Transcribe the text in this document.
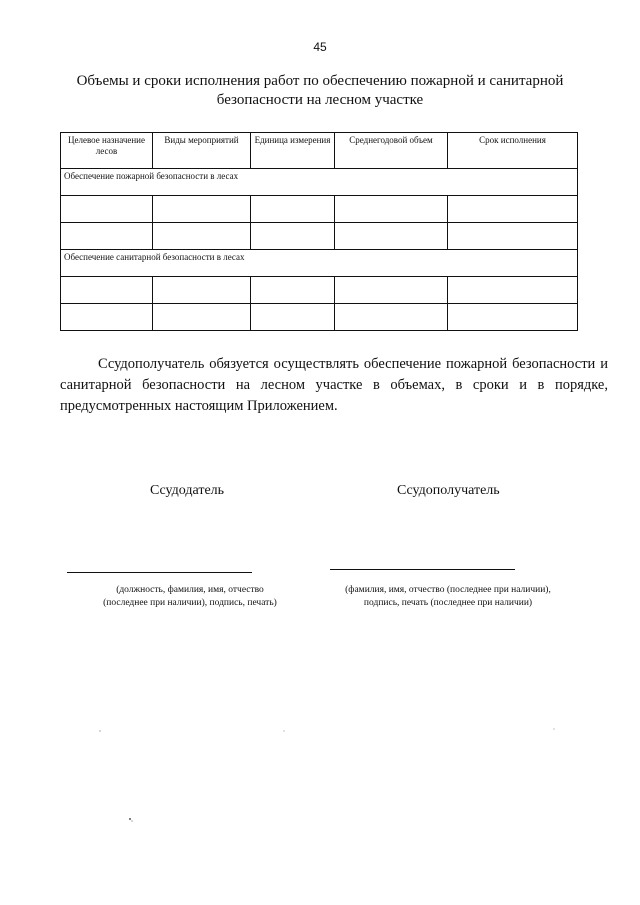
45
Объемы и сроки исполнения работ по обеспечению пожарной и санитарной
безопасности на лесном участке
Целевое назначение лесов	Виды мероприятий	Единица измерения	Среднегодовой объем	Срок исполнения
Обеспечение пожарной безопасности в лесах				

Обеспечение санитарной безопасности в лесах				

Ссудополучатель обязуется осуществлять обеспечение пожарной безопасности и санитарной безопасности на лесном участке в объемах, в сроки и в порядке, предусмотренных настоящим Приложением.
Ссудодатель	Ссудополучатель
(должность, фамилия, имя, отчество
(последнее при наличии), подпись, печать)
(фамилия, имя, отчество (последнее при наличии),
подпись, печать (последнее при наличии)
